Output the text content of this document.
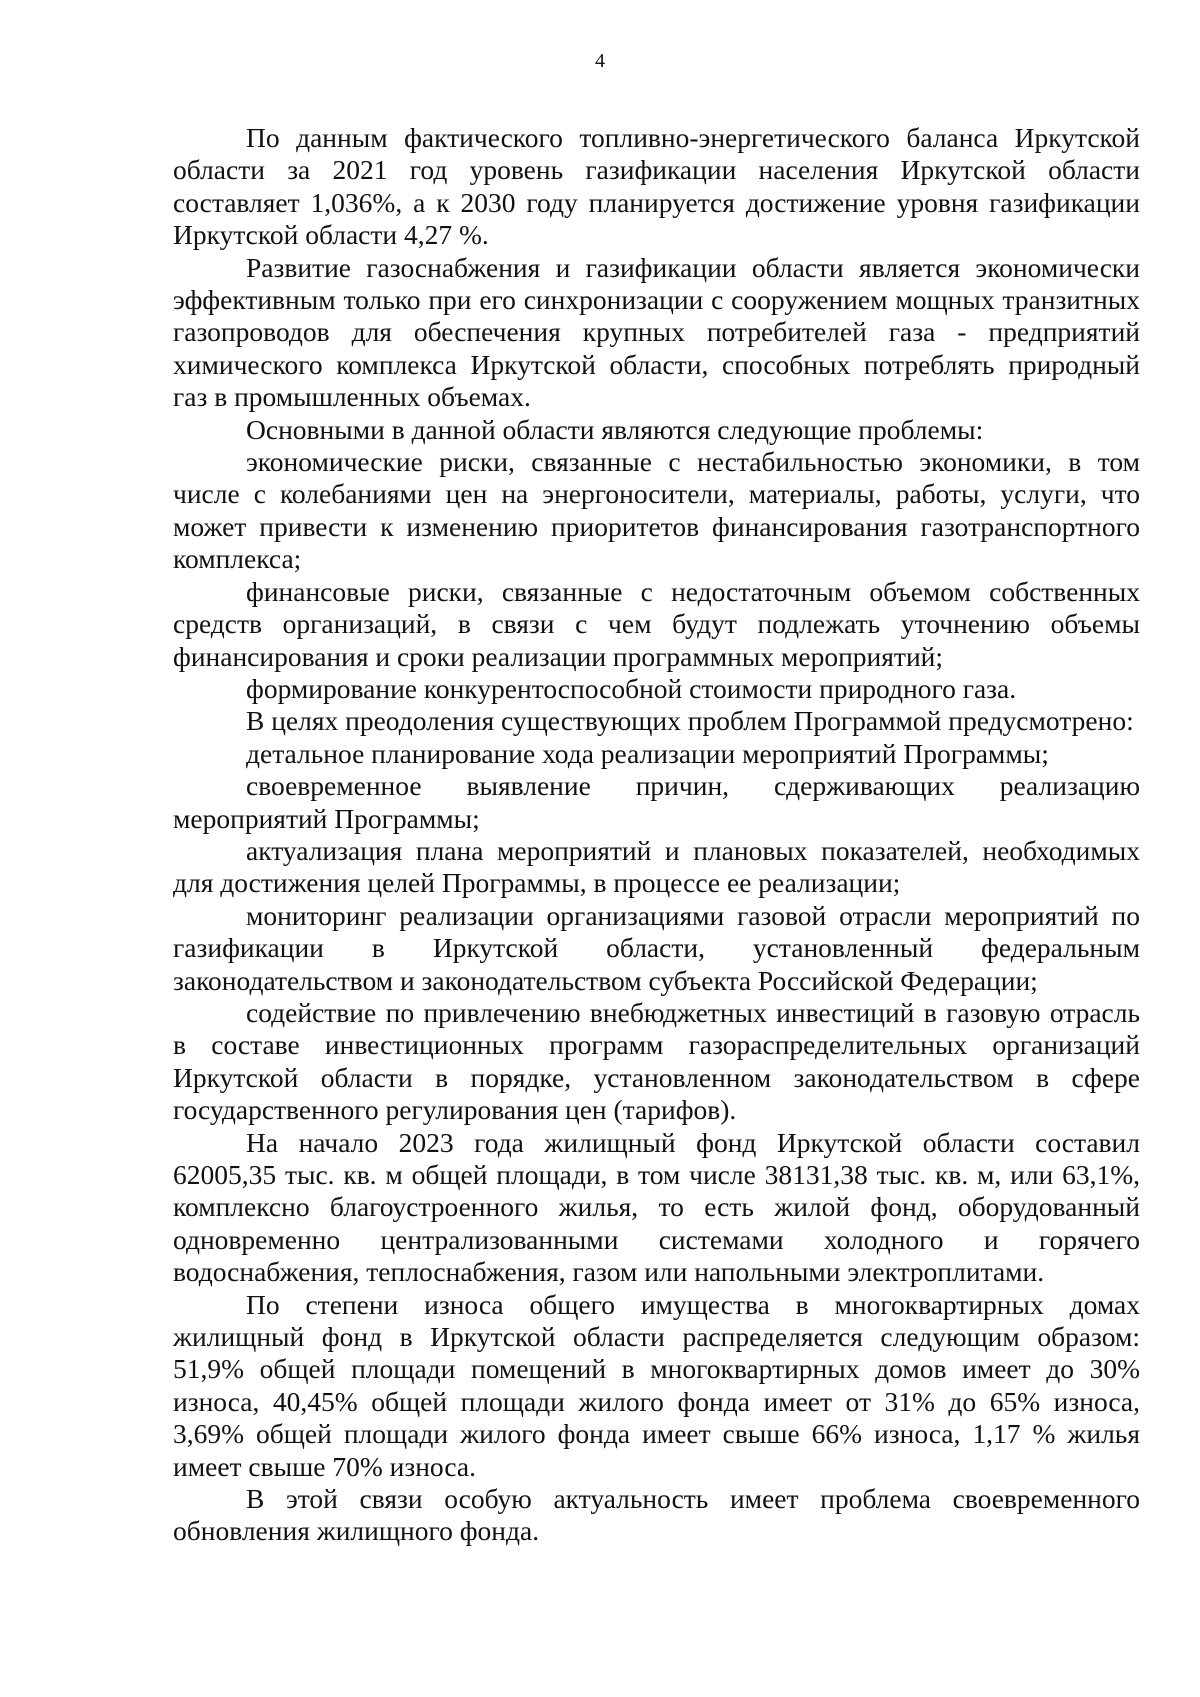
4

По данным фактического топливно-энергетического баланса Иркутской области за 2021 год уровень газификации населения Иркутской области составляет 1,036%, а к 2030 году планируется достижение уровня газификации Иркутской области 4,27 %.

Развитие газоснабжения и газификации области является экономически эффективным только при его синхронизации с сооружением мощных транзитных газопроводов для обеспечения крупных потребителей газа - предприятий химического комплекса Иркутской области, способных потреблять природный газ в промышленных объемах.

Основными в данной области являются следующие проблемы:

экономические риски, связанные с нестабильностью экономики, в том числе с колебаниями цен на энергоносители, материалы, работы, услуги, что может привести к изменению приоритетов финансирования газотранспортного комплекса;

финансовые риски, связанные с недостаточным объемом собственных средств организаций, в связи с чем будут подлежать уточнению объемы финансирования и сроки реализации программных мероприятий;

формирование конкурентоспособной стоимости природного газа.

В целях преодоления существующих проблем Программой предусмотрено:

детальное планирование хода реализации мероприятий Программы;

своевременное выявление причин, сдерживающих реализацию мероприятий Программы;

актуализация плана мероприятий и плановых показателей, необходимых для достижения целей Программы, в процессе ее реализации;

мониторинг реализации организациями газовой отрасли мероприятий по газификации в Иркутской области, установленный федеральным законодательством и законодательством субъекта Российской Федерации;

содействие по привлечению внебюджетных инвестиций в газовую отрасль в составе инвестиционных программ газораспределительных организаций Иркутской области в порядке, установленном законодательством в сфере государственного регулирования цен (тарифов).

На начало 2023 года жилищный фонд Иркутской области составил 62005,35 тыс. кв. м общей площади, в том числе 38131,38 тыс. кв. м, или 63,1%, комплексно благоустроенного жилья, то есть жилой фонд, оборудованный одновременно централизованными системами холодного и горячего водоснабжения, теплоснабжения, газом или напольными электроплитами.

По степени износа общего имущества в многоквартирных домах жилищный фонд в Иркутской области распределяется следующим образом: 51,9% общей площади помещений в многоквартирных домов имеет до 30% износа, 40,45% общей площади жилого фонда имеет от 31% до 65% износа, 3,69% общей площади жилого фонда имеет свыше 66% износа, 1,17 % жилья имеет свыше 70% износа.

В этой связи особую актуальность имеет проблема своевременного обновления жилищного фонда.
